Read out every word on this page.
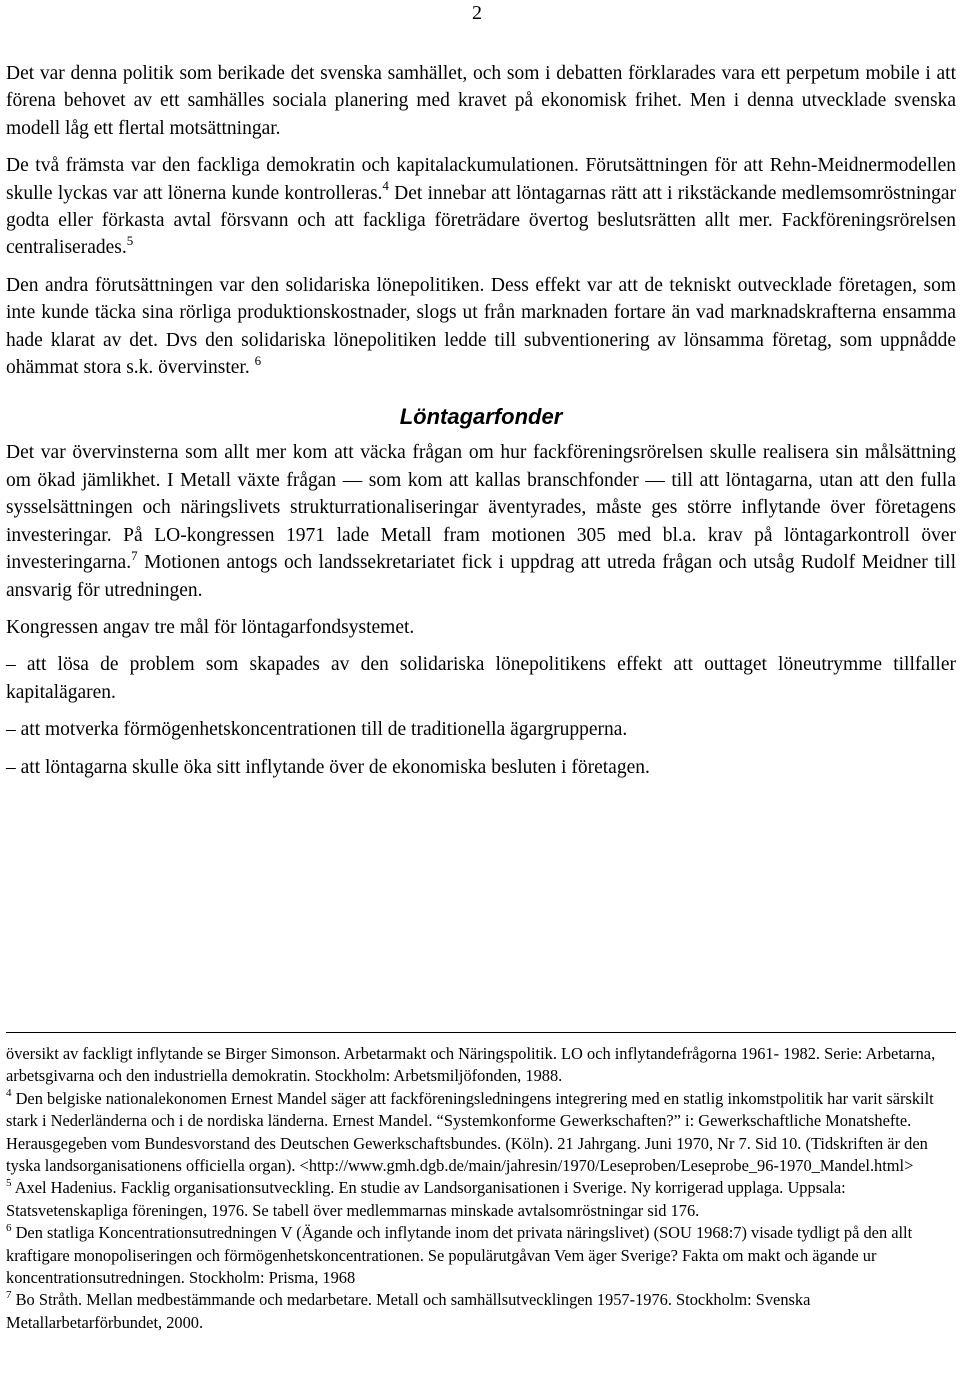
2

Det var denna politik som berikade det svenska samhället, och som i debatten förklarades vara ett perpetum mobile i att förena behovet av ett samhälles sociala planering med kravet på ekonomisk frihet. Men i denna utvecklade svenska modell låg ett flertal motsättningar.

De två främsta var den fackliga demokratin och kapitalackumulationen. Förutsättningen för att Rehn-Meidnermodellen skulle lyckas var att lönerna kunde kontrolleras.$^4$ Det innebar att löntagarnas rätt att i rikstäckande medlemsomröstningar godta eller förkasta avtal försvann och att fackliga företrädare övertog beslutsrätten allt mer. Fackföreningsrörelsen centraliserades.$^5$

Den andra förutsättningen var den solidariska lönepolitiken. Dess effekt var att de tekniskt outvecklade företagen, som inte kunde täcka sina rörliga produktionskostnader, slogs ut från marknaden fortare än vad marknadskrafterna ensamma hade klarat av det. Dvs den solidariska lönepolitiken ledde till subventionering av lönsamma företag, som uppnådde ohämmat stora s.k. övervinster. $^6$

Löntagarfonder

Det var övervinsterna som allt mer kom att väcka frågan om hur fackföreningsrörelsen skulle realisera sin målsättning om ökad jämlikhet. I Metall växte frågan — som kom att kallas branschfonder — till att löntagarna, utan att den fulla sysselsättningen och näringslivets strukturrationaliseringar äventyrades, måste ges större inflytande över företagens investeringar. På LO-kongressen 1971 lade Metall fram motionen 305 med bl.a. krav på löntagarkontroll över investeringarna.$^7$ Motionen antogs och landssekretariatet fick i uppdrag att utreda frågan och utsåg Rudolf Meidner till ansvarig för utredningen.

Kongressen angav tre mål för löntagarfondsystemet.

– att lösa de problem som skapades av den solidariska lönepolitikens effekt att outtaget löneutrymme tillfaller kapitalägaren.

– att motverka förmögenhetskoncentrationen till de traditionella ägargrupperna.

– att löntagarna skulle öka sitt inflytande över de ekonomiska besluten i företagen.

översikt av fackligt inflytande se Birger Simonson. Arbetarmakt och Näringspolitik. LO och inflytandefrågorna 1961- 1982. Serie: Arbetarna, arbetsgivarna och den industriella demokratin. Stockholm: Arbetsmiljöfonden, 1988.

$^4$ Den belgiske nationalekonomen Ernest Mandel säger att fackföreningsledningens integrering med en statlig inkomstpolitik har varit särskilt stark i Nederländerna och i de nordiska länderna. Ernest Mandel. “Systemkonforme Gewerkschaften?” i: Gewerkschaftliche Monatshefte. Herausgegeben vom Bundesvorstand des Deutschen Gewerkschaftsbundes. (Köln). 21 Jahrgang. Juni 1970, Nr 7. Sid 10. (Tidskriften är den tyska landsorganisationens officiella organ). <http://www.gmh.dgb.de/main/jahresin/1970/Leseproben/Leseprobe_96-1970_Mandel.html>

$^5$ Axel Hadenius. Facklig organisationsutveckling. En studie av Landsorganisationen i Sverige. Ny korrigerad upplaga. Uppsala: Statsvetenskapliga föreningen, 1976. Se tabell över medlemmarnas minskade avtalsomröstningar sid 176.

$^6$ Den statliga Koncentrationsutredningen V (Ägande och inflytande inom det privata näringslivet) (SOU 1968:7) visade tydligt på den allt kraftigare monopoliseringen och förmögenhetskoncentrationen. Se populärutgåvan Vem äger Sverige? Fakta om makt och ägande ur koncentrationsutredningen. Stockholm: Prisma, 1968

$^7$ Bo Stråth. Mellan medbestämmande och medarbetare. Metall och samhällsutvecklingen 1957-1976. Stockholm: Svenska Metallarbetarförbundet, 2000.
